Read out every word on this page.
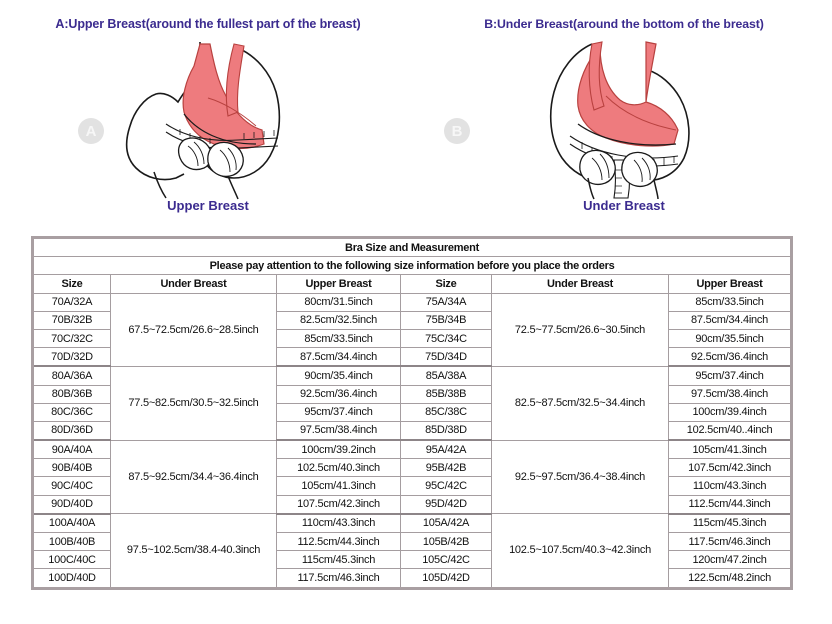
A:Upper Breast(around the fullest part of the breast)
A
Upper Breast
B:Under Breast(around the bottom of the breast)
B
Under Breast
Bra Size and Measurement					
Please pay attention to the following size information before you place the orders					
Size	Under Breast	Upper Breast	Size	Under Breast	Upper Breast
70A/32A	67.5~72.5cm/26.6~28.5inch	80cm/31.5inch	75A/34A	72.5~77.5cm/26.6~30.5inch	85cm/33.5inch
70B/32B		82.5cm/32.5inch	75B/34B		87.5cm/34.4inch
70C/32C		85cm/33.5inch	75C/34C		90cm/35.5inch
70D/32D		87.5cm/34.4inch	75D/34D		92.5cm/36.4inch
80A/36A	77.5~82.5cm/30.5~32.5inch	90cm/35.4inch	85A/38A	82.5~87.5cm/32.5~34.4inch	95cm/37.4inch
80B/36B		92.5cm/36.4inch	85B/38B		97.5cm/38.4inch
80C/36C		95cm/37.4inch	85C/38C		100cm/39.4inch
80D/36D		97.5cm/38.4inch	85D/38D		102.5cm/40..4inch
90A/40A	87.5~92.5cm/34.4~36.4inch	100cm/39.2inch	95A/42A	92.5~97.5cm/36.4~38.4inch	105cm/41.3inch
90B/40B		102.5cm/40.3inch	95B/42B		107.5cm/42.3inch
90C/40C		105cm/41.3inch	95C/42C		110cm/43.3inch
90D/40D		107.5cm/42.3inch	95D/42D		112.5cm/44.3inch
100A/40A	97.5~102.5cm/38.4-40.3inch	110cm/43.3inch	105A/42A	102.5~107.5cm/40.3~42.3inch	115cm/45.3inch
100B/40B		112.5cm/44.3inch	105B/42B		117.5cm/46.3inch
100C/40C		115cm/45.3inch	105C/42C		120cm/47.2inch
100D/40D		117.5cm/46.3inch	105D/42D		122.5cm/48.2inch
